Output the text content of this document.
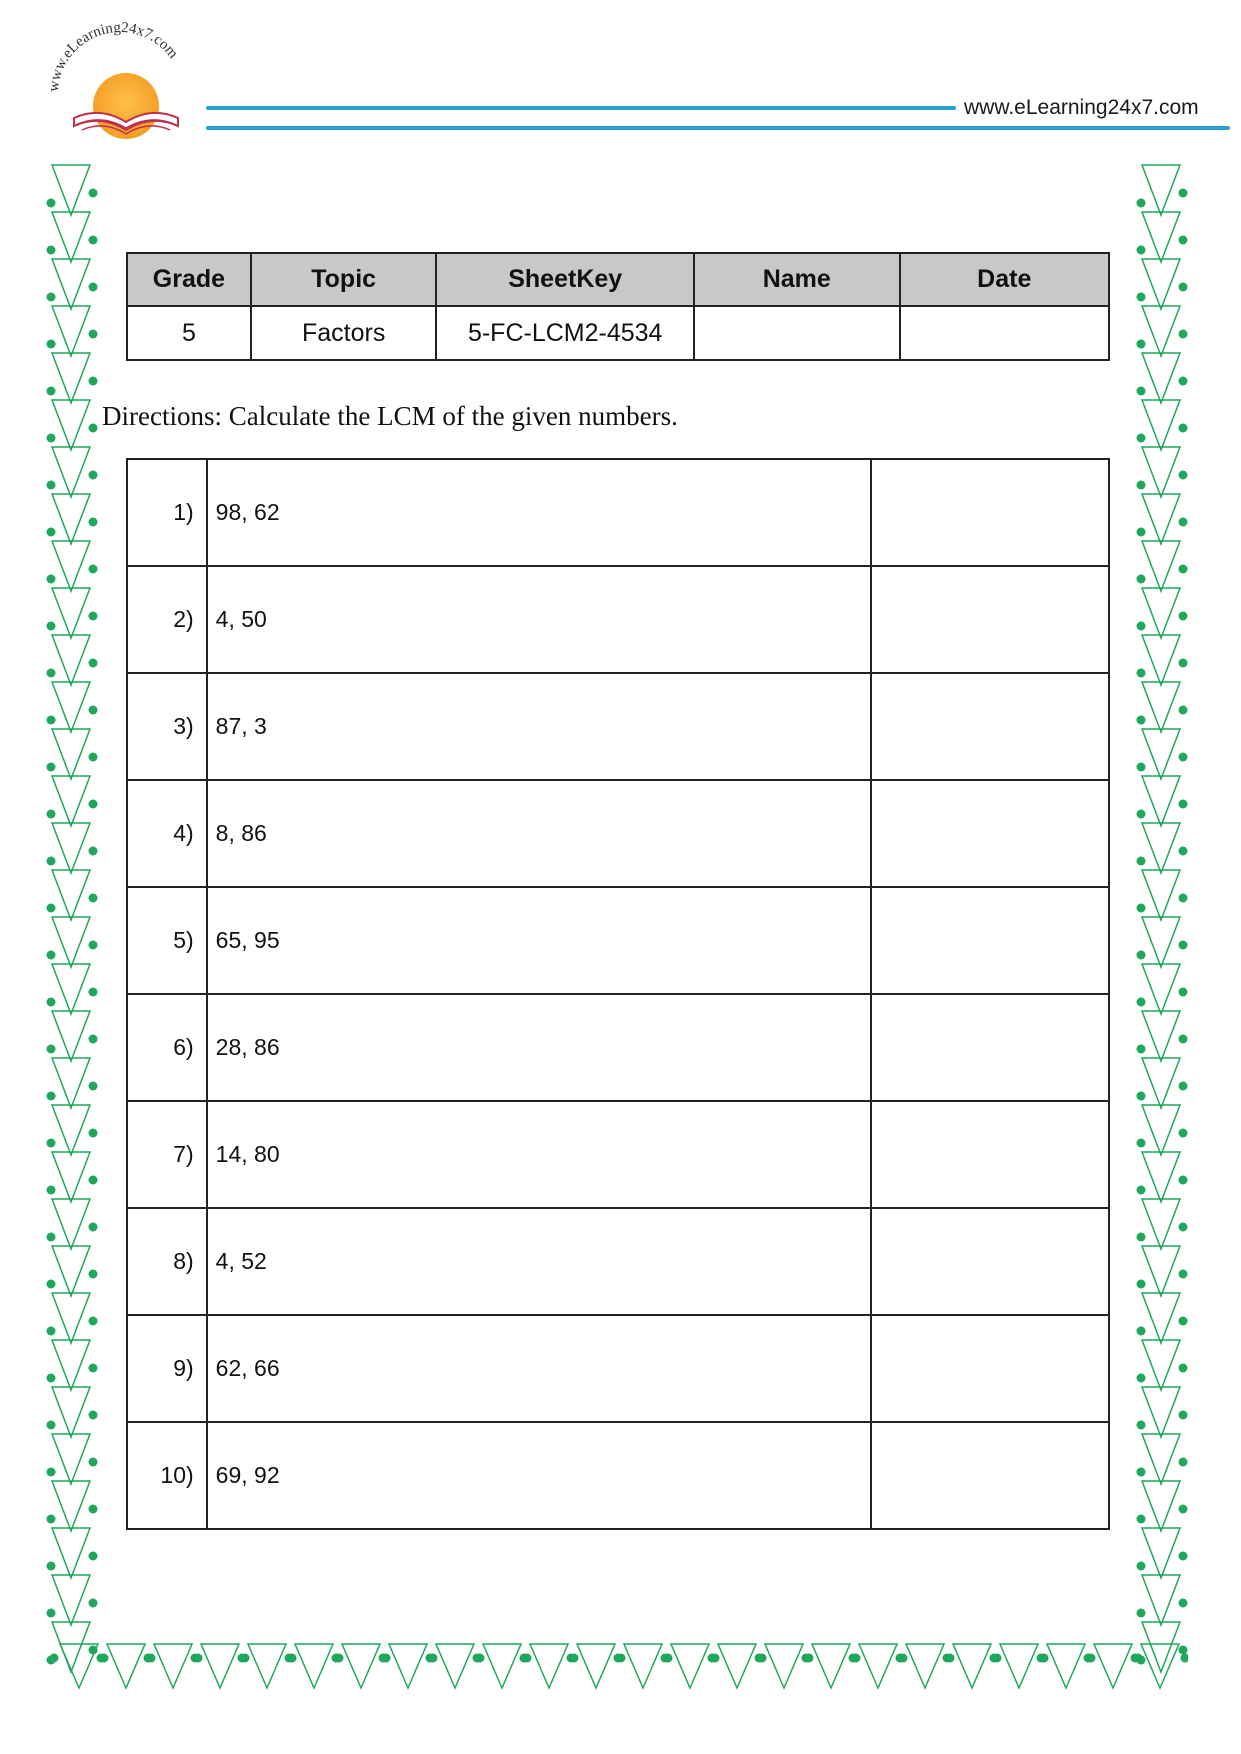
www.eLearning24x7.com
www.eLearning24x7.com
Grade	Topic	SheetKey	Name	Date
5	Factors	5-FC-LCM2-4534		
Directions: Calculate the LCM of the given numbers.
1)	98, 62	
2)	4, 50	
3)	87, 3	
4)	8, 86	
5)	65, 95	
6)	28, 86	
7)	14, 80	
8)	4, 52	
9)	62, 66	
10)	69, 92	
